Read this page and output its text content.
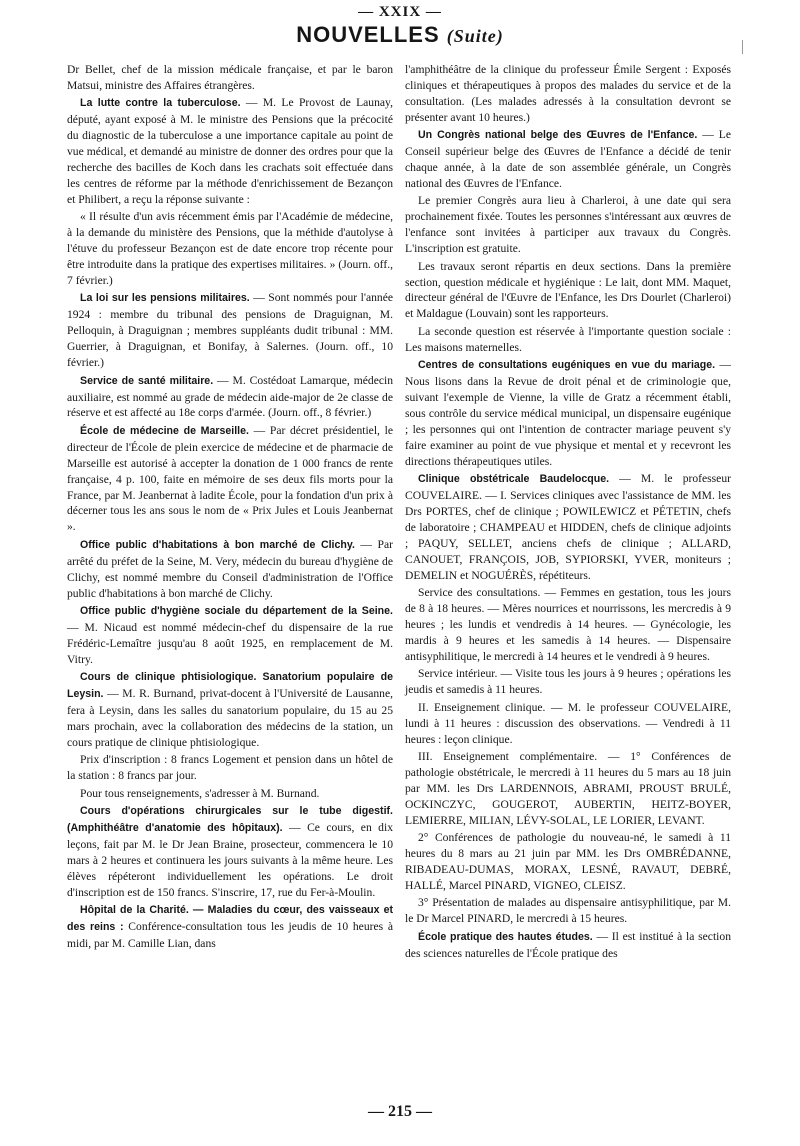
— XXIX —
NOUVELLES (Suite)

Dr Bellet, chef de la mission médicale française, et par le baron Matsui, ministre des Affaires étrangères.

La lutte contre la tuberculose. — M. Le Provost de Launay, député, ayant exposé à M. le ministre des Pensions que la précocité du diagnostic de la tuberculose a une importance capitale au point de vue médical, et demandé au ministre de donner des ordres pour que la recherche des bacilles de Koch dans les crachats soit effectuée dans les centres de réforme par la méthode d'enrichissement de Bezançon et Philibert, a reçu la réponse suivante :

« Il résulte d'un avis récemment émis par l'Académie de médecine, à la demande du ministère des Pensions, que la méthide d'autolyse à l'étuve du professeur Bezançon est de date encore trop récente pour être introduite dans la pratique des expertises militaires. » (Journ. off., 7 février.)

La loi sur les pensions militaires. — Sont nommés pour l'année 1924 : membre du tribunal des pensions de Draguignan, M. Pelloquin, à Draguignan ; membres suppléants dudit tribunal : MM. Guerrier, à Draguignan, et Bonifay, à Salernes. (Journ. off., 10 février.)

Service de santé militaire. — M. Costédoat Lamarque, médecin auxiliaire, est nommé au grade de médecin aide-major de 2e classe de réserve et est affecté au 18e corps d'armée. (Journ. off., 8 février.)

École de médecine de Marseille. — Par décret présidentiel, le directeur de l'École de plein exercice de médecine et de pharmacie de Marseille est autorisé à accepter la donation de 1 000 francs de rente française, 4 p. 100, faite en mémoire de ses deux fils morts pour la France, par M. Jeanbernat à ladite École, pour la fondation d'un prix à décerner tous les ans sous le nom de « Prix Jules et Louis Jeanbernat ».

Office public d'habitations à bon marché de Clichy. — Par arrêté du préfet de la Seine, M. Very, médecin du bureau d'hygiène de Clichy, est nommé membre du Conseil d'administration de l'Office public d'habitations à bon marché de Clichy.

Office public d'hygiène sociale du département de la Seine. — M. Nicaud est nommé médecin-chef du dispensaire de la rue Frédéric-Lemaître jusqu'au 8 août 1925, en remplacement de M. Vitry.

Cours de clinique phtisiologique. Sanatorium populaire de Leysin. — M. R. Burnand, privat-docent à l'Université de Lausanne, fera à Leysin, dans les salles du sanatorium populaire, du 15 au 25 mars prochain, avec la collaboration des médecins de la station, un cours pratique de clinique phtisiologique.

Prix d'inscription : 8 francs Logement et pension dans un hôtel de la station : 8 francs par jour.

Pour tous renseignements, s'adresser à M. Burnand.

Cours d'opérations chirurgicales sur le tube digestif. (Amphithéâtre d'anatomie des hôpitaux). — Ce cours, en dix leçons, fait par M. le Dr Jean Braine, prosecteur, commencera le 10 mars à 2 heures et continuera les jours suivants à la même heure. Les élèves répéteront individuellement les opérations. Le droit d'inscription est de 150 francs. S'inscrire, 17, rue du Fer-à-Moulin.

Hôpital de la Charité. — Maladies du cœur, des vaisseaux et des reins : Conférence-consultation tous les jeudis de 10 heures à midi, par M. Camille Lian, dans

l'amphithéâtre de la clinique du professeur Émile Sergent : Exposés cliniques et thérapeutiques à propos des malades du service et de la consultation. (Les malades adressés à la consultation devront se présenter avant 10 heures.)

Un Congrès national belge des Œuvres de l'Enfance. — Le Conseil supérieur belge des Œuvres de l'Enfance a décidé de tenir chaque année, à la date de son assemblée générale, un Congrès national des Œuvres de l'Enfance.

Le premier Congrès aura lieu à Charleroi, à une date qui sera prochainement fixée. Toutes les personnes s'intéressant aux œuvres de l'enfance sont invitées à participer aux travaux du Congrès. L'inscription est gratuite.

Les travaux seront répartis en deux sections. Dans la première section, question médicale et hygiénique : Le lait, dont MM. Maquet, directeur général de l'Œuvre de l'Enfance, les Drs Dourlet (Charleroi) et Maldague (Louvain) sont les rapporteurs.

La seconde question est réservée à l'importante question sociale : Les maisons maternelles.

Centres de consultations eugéniques en vue du mariage. — Nous lisons dans la Revue de droit pénal et de criminologie que, suivant l'exemple de Vienne, la ville de Gratz a récemment établi, sous contrôle du service médical municipal, un dispensaire eugénique ; les personnes qui ont l'intention de contracter mariage peuvent s'y faire examiner au point de vue physique et mental et y recevront les directions thérapeutiques utiles.

Clinique obstétricale Baudelocque. — M. le professeur COUVELAIRE. — I. Services cliniques avec l'assistance de MM. les Drs PORTES, chef de clinique ; POWILEWICZ et PÉTETIN, chefs de laboratoire ; CHAMPEAU et HIDDEN, chefs de clinique adjoints ; PAQUY, SELLET, anciens chefs de clinique ; ALLARD, CANOUET, FRANÇOIS, JOB, SYPIORSKI, YVER, moniteurs ; DEMELIN et NOGUÉRÈS, répétiteurs.

Service des consultations. — Femmes en gestation, tous les jours de 8 à 18 heures. — Mères nourrices et nourrissons, les mercredis à 9 heures ; les lundis et vendredis à 14 heures. — Gynécologie, les mardis à 9 heures et les samedis à 14 heures. — Dispensaire antisyphilitique, le mercredi à 14 heures et le vendredi à 9 heures.

Service intérieur. — Visite tous les jours à 9 heures ; opérations les jeudis et samedis à 11 heures.

II. Enseignement clinique. — M. le professeur COUVELAIRE, lundi à 11 heures : discussion des observations. — Vendredi à 11 heures : leçon clinique.

III. Enseignement complémentaire. — 1° Conférences de pathologie obstétricale, le mercredi à 11 heures du 5 mars au 18 juin par MM. les Drs LARDENNOIS, ABRAMI, PROUST BRULÉ, OCKINCZYC, GOUGEROT, AUBERTIN, HEITZ-BOYER, LEMIERRE, MILIAN, LÉVY-SOLAL, LE LORIER, LEVANT.

2° Conférences de pathologie du nouveau-né, le samedi à 11 heures du 8 mars au 21 juin par MM. les Drs OMBRÉDANNE, RIBADEAU-DUMAS, MORAX, LESNÉ, RAVAUT, DEBRÉ, HALLÉ, Marcel PINARD, VIGNEO, CLEISZ.

3° Présentation de malades au dispensaire antisyphilitique, par M. le Dr Marcel PINARD, le mercredi à 15 heures.

École pratique des hautes études. — Il est institué à la section des sciences naturelles de l'École pratique des

— 215 —
